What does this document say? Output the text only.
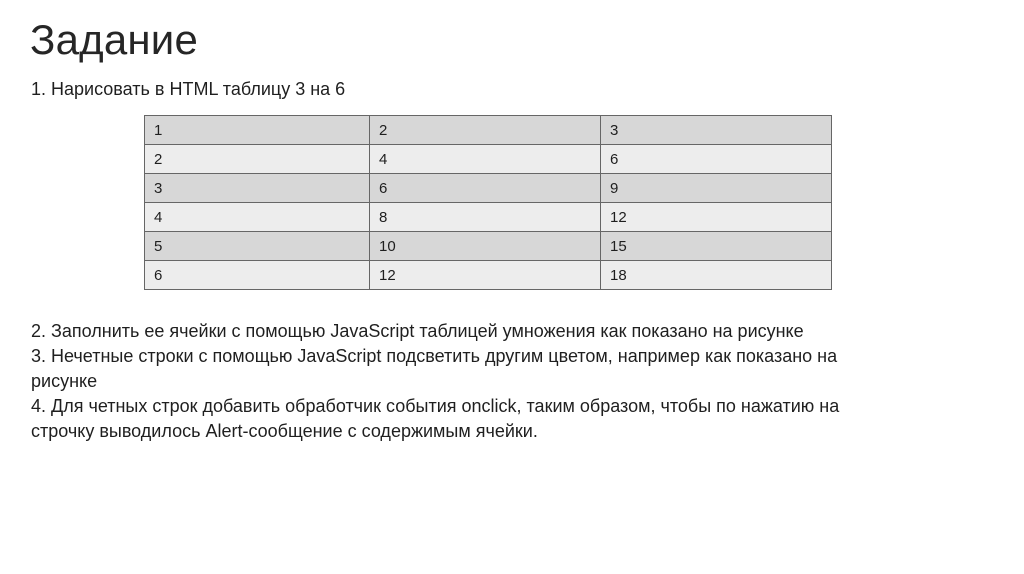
Задание
1. Нарисовать в HTML таблицу 3 на 6
1	2	3
2	4	6
3	6	9
4	8	12
5	10	15
6	12	18
2. Заполнить ее ячейки с помощью JavaScript таблицей умножения как показано на рисунке
3. Нечетные строки с помощью JavaScript подсветить другим цветом, например как показано на
рисунке
4. Для четных строк добавить обработчик события onclick, таким образом, чтобы по нажатию на
строчку выводилось Alert-сообщение с содержимым ячейки.
